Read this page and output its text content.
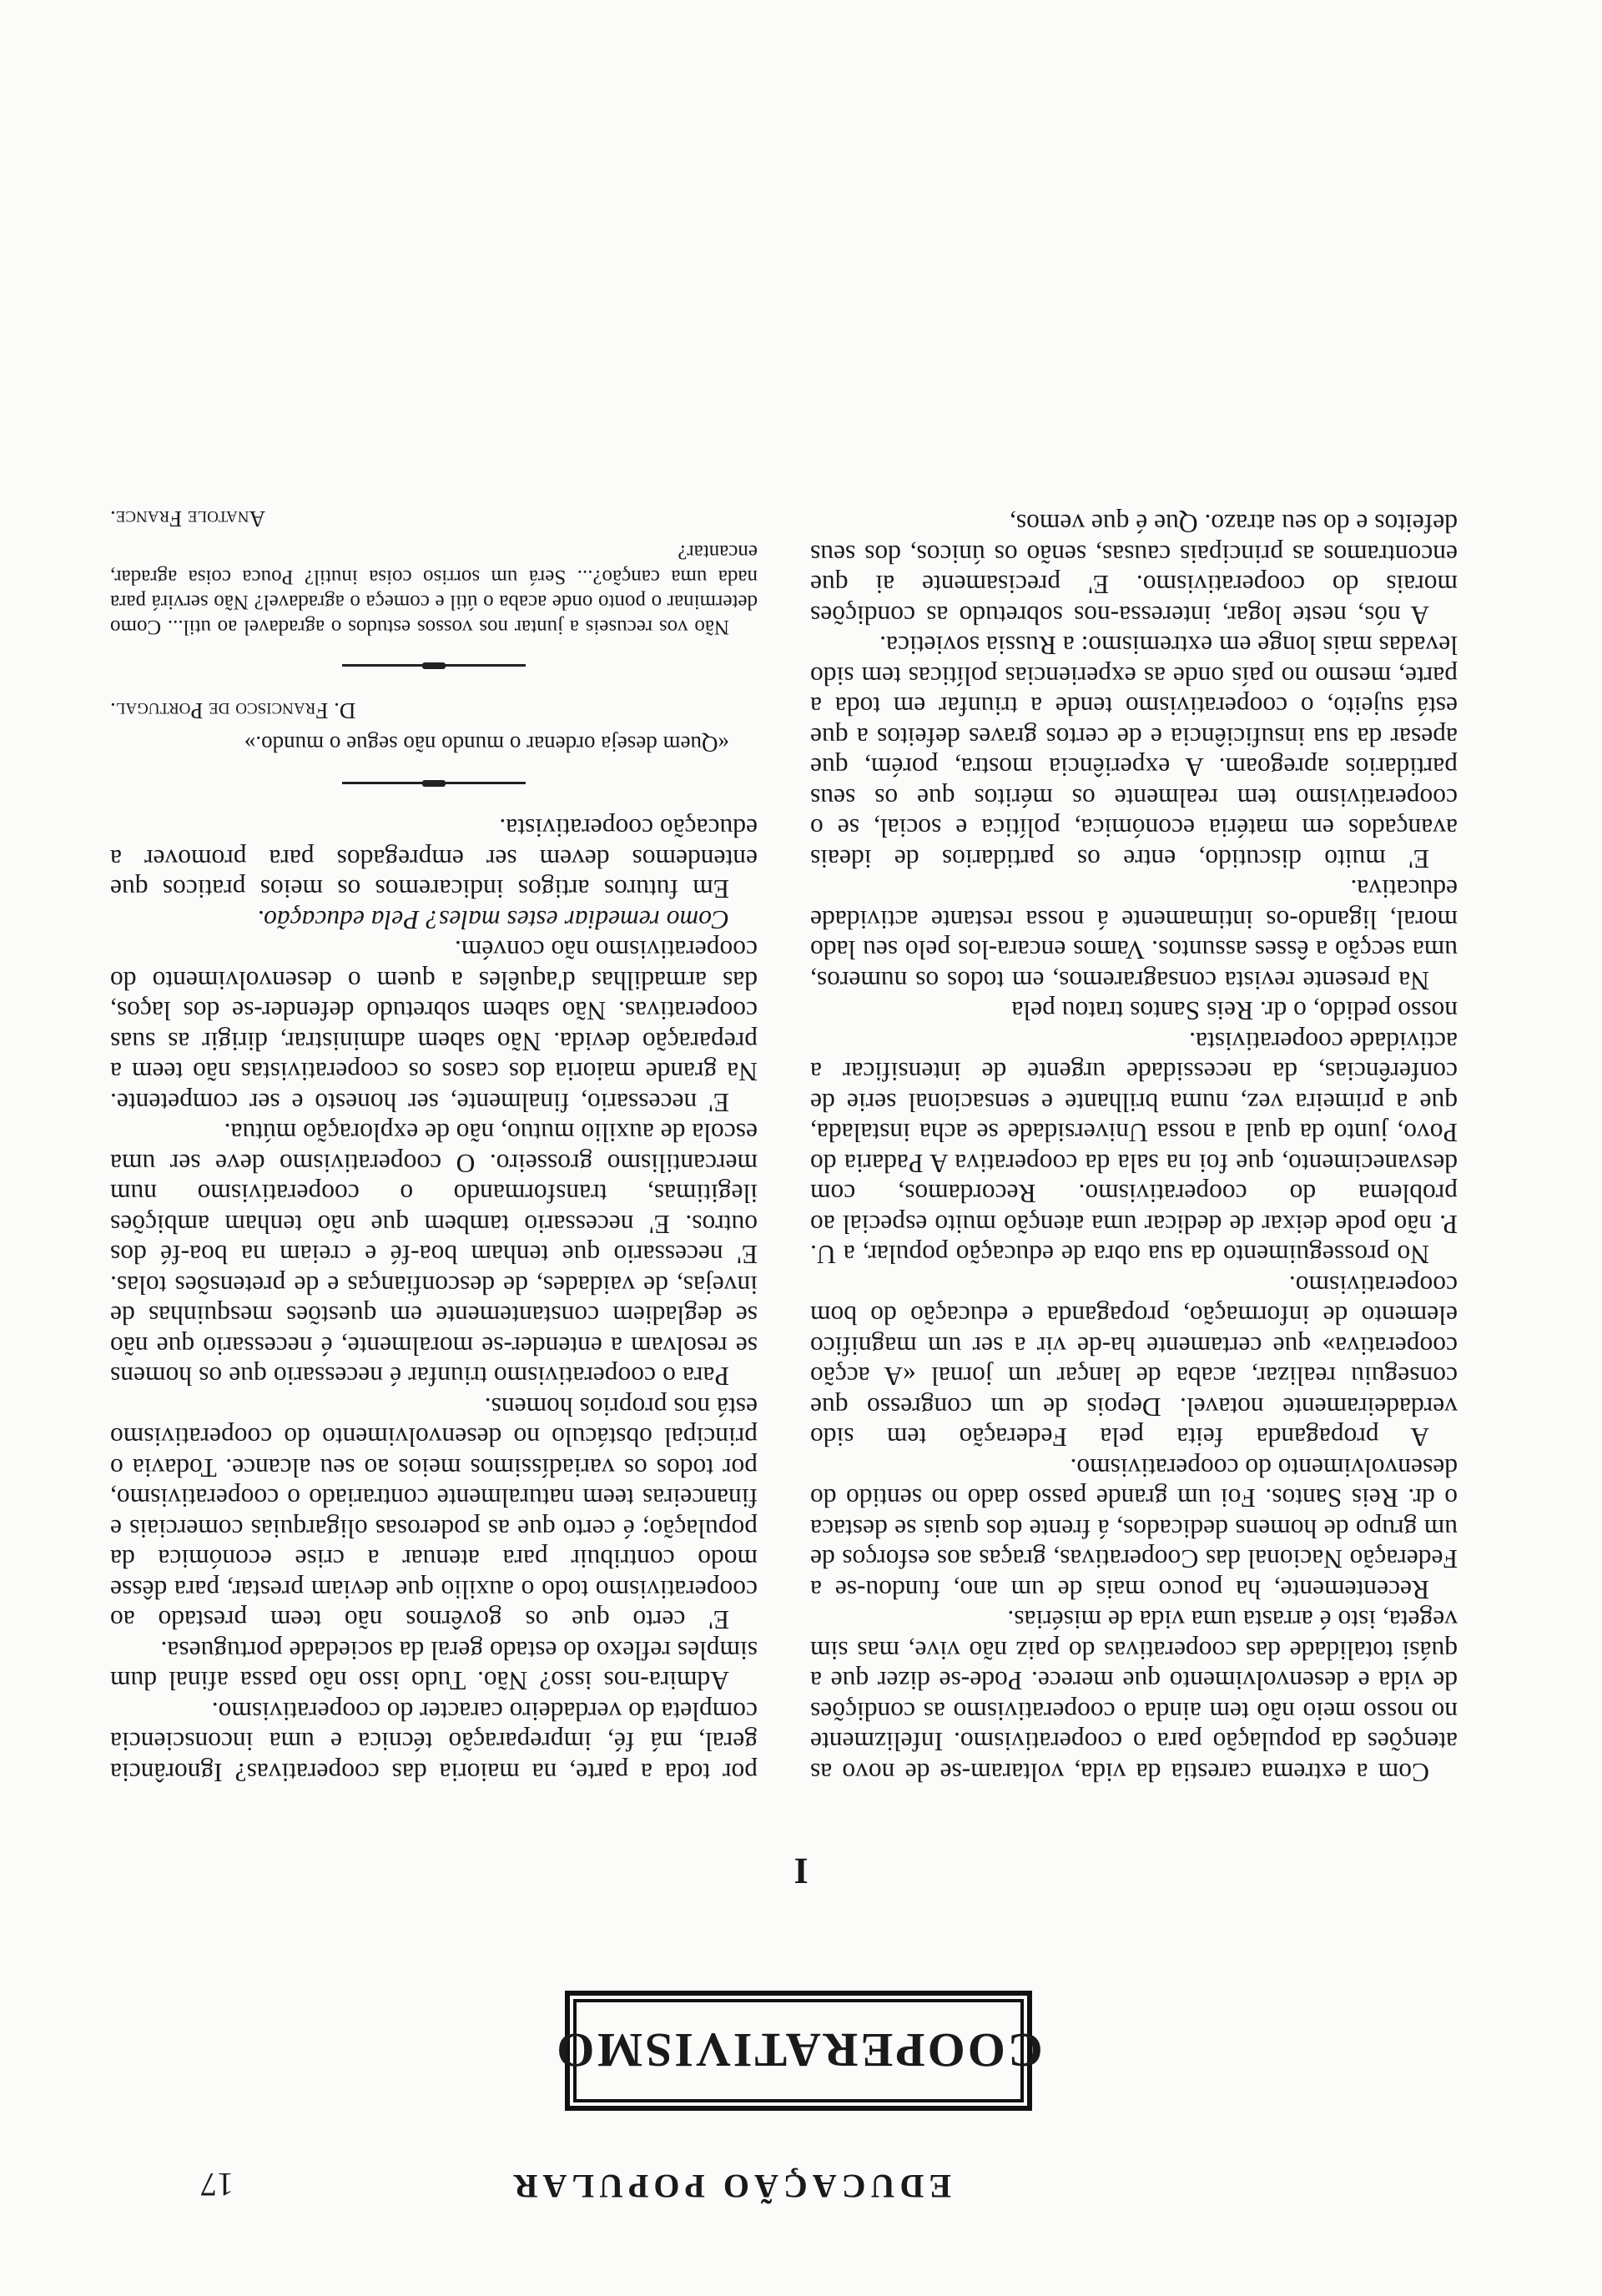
EDUCAÇÃO POPULAR
17
COOPERATIVISMO
I

Com a extrema carestia da vida, voltaram-se de novo as atenções da população para o cooperativismo. Infelizmente no nosso meio não tem ainda o cooperativismo as condições de vida e desenvolvimento que merece. Pode-se dizer que a quási totalidade das cooperativas do paiz não vive, mas sim vegeta, isto é arrasta uma vida de misérias.

Recentemente, ha pouco mais de um ano, fundou-se a Federação Nacional das Cooperativas, graças aos esforços de um grupo de homens dedicados, á frente dos quais se destaca o dr. Reis Santos. Foi um grande passo dado no sentido do desenvolvimento do cooperativismo.

A propaganda feita pela Federação tem sido verdadeiramente notavel. Depois de um congresso que conseguiu realizar, acaba de lançar um jornal «A acção cooperativa» que certamente ha-de vir a ser um magnifico elemento de informação, propaganda e educação do bom cooperativismo.

No prosseguimento da sua obra de educação popular, a U. P. não pode deixar de dedicar uma atenção muito especial ao problema do cooperativismo. Recordamos, com desvanecimento, que foi na sala da cooperativa A Padaria do Povo, junto da qual a nossa Universidade se acha instalada, que a primeira vez, numa brilhante e sensacional serie de conferências, da necessidade urgente de intensificar a actividade cooperativista.

nosso pedido, o dr. Reis Santos tratou pela

Na presente revista consagraremos, em todos os numeros, uma secção a êsses assuntos. Vamos encara-los pelo seu lado moral, ligando-os intimamente á nossa restante actividade educativa.

E' muito discutido, entre os partidarios de ideais avançados em matéria económica, política e social, se o cooperativismo tem realmente os méritos que os seus partidarios apregoam. A experiência mostra, porém, que apesar da sua insuficiência e de certos graves defeitos a que está sujeito, o cooperativismo tende a triunfar em toda a parte, mesmo no país onde as experiencias políticas tem sido levadas mais longe em extremismo: a Russia sovietica.

A nós, neste logar, interessa-nos sobretudo as condições morais do cooperativismo. E' precisamente ai que encontramos as principais causas, senão os únicos, dos seus defeitos e do seu atrazo. Que é que vemos,

por toda a parte, na maioria das cooperativas? Ignorância geral, má fé, impreparação técnica e uma inconsciencia completa do verdadeiro caracter do cooperativismo.

Admira-nos isso? Não. Tudo isso não passa afinal dum simples reflexo do estado geral da sociedade portuguesa.

E' certo que os govêrnos não teem prestado ao cooperativismo todo o auxilio que deviam prestar, para dêsse modo contribuir para atenuar a crise económica da população; é certo que as poderosas oligarquias comerciais e financeiras teem naturalmente contrariado o cooperativismo, por todos os variadíssimos meios ao seu alcance. Todavia o principal obstáculo no desenvolvimento do cooperativismo está nos proprios homens.

Para o cooperativismo triunfar é necessario que os homens se resolvam a entender-se moralmente, é necessario que não se degladiem constantemente em questões mesquinhas de invejas, de vaidades, de desconfianças e de pretensões tolas. E' necessario que tenham boa-fé e creiam na boa-fé dos outros. E' necessario tambem que não tenham ambições ilegitimas, transformando o cooperativismo num mercantilismo grosseiro. O cooperativismo deve ser uma escola de auxilio mutuo, não de exploração mútua.

E' necessario, finalmente, ser honesto e ser competente. Na grande maioria dos casos os cooperativistas não teem a preparação devida. Não sabem administrar, dirigir as suas cooperativas. Não sabem sobretudo defender-se dos laços, das armadilhas d'aquêles a quem o desenvolvimento do cooperativismo não convém.

Como remediar estes males? Pela educação.

Em futuros artigos indicaremos os meios praticos que entendemos devem ser empregados para promover a educação cooperativista.

«Quem deseja ordenar o mundo não segue o mundo.»

D. Francisco de Portugal.

Não vos recuseis a juntar nos vossos estudos o agradavel ao util... Como determinar o ponto onde acaba o útil e começa o agradavel? Não servirá para nada uma canção?... Será um sorriso coisa inutil? Pouca coisa agradar, encantar?

Anatole France.
